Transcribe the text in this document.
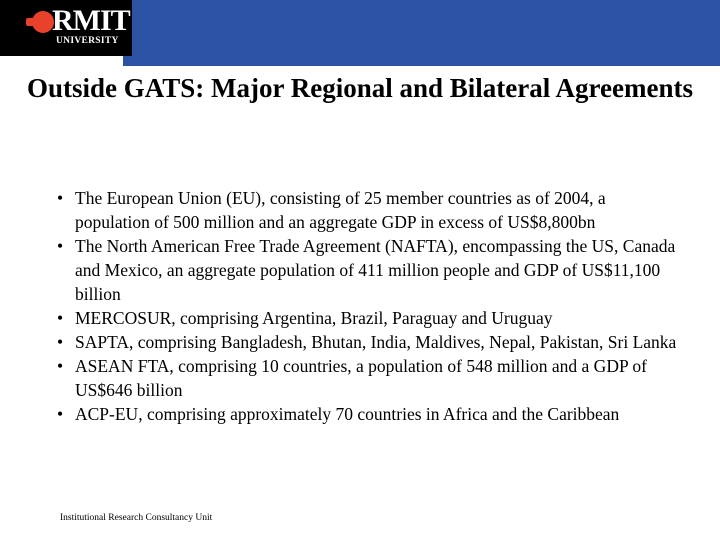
RMIT
UNIVERSITY
Outside GATS: Major Regional and Bilateral Agreements
• The European Union (EU), consisting of 25 member countries as of 2004, a population of 500 million and an aggregate GDP in excess of US$8,800bn
• The North American Free Trade Agreement (NAFTA), encompassing the US, Canada and Mexico, an aggregate population of 411 million people and GDP of US$11,100 billion
• MERCOSUR, comprising Argentina, Brazil, Paraguay and Uruguay
• SAPTA, comprising Bangladesh, Bhutan, India, Maldives, Nepal, Pakistan, Sri Lanka
• ASEAN FTA, comprising 10 countries, a population of 548 million and a GDP of US$646 billion
• ACP-EU, comprising approximately 70 countries in Africa and the Caribbean
Institutional Research Consultancy Unit
